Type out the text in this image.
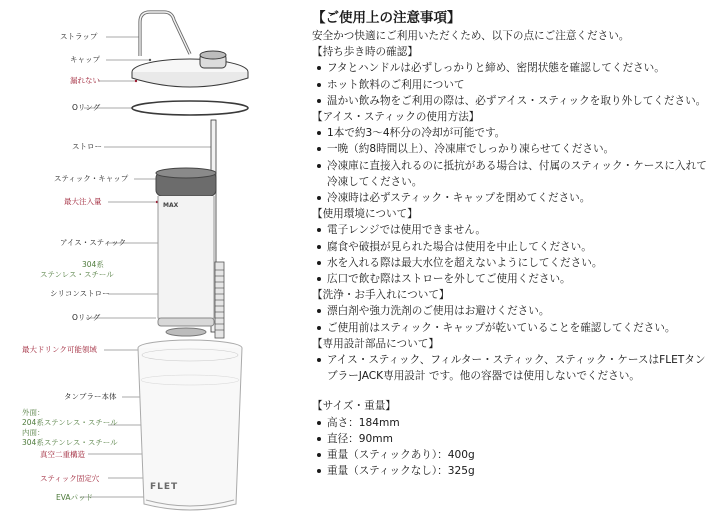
MAX
FLET
ストラップ
キャップ
漏れない
Oリング
ストロー
スティック・キャップ
最大注入量
アイス・スティック
304系
ステンレス・スチール
シリコンストロー
Oリング
最大ドリンク可能領域
タンブラー本体
外面：
204系ステンレス・スチール
内面：
304系ステンレス・スチール
真空二重構造
スティック固定穴
EVAパッド
【ご使用上の注意事項】

安全かつ快適にご利用いただくため、以下の点にご注意ください。

【持ち歩き時の確認】
フタとハンドルは必ずしっかりと締め、密閉状態を確認してください。
ホット飲料のご利用について
温かい飲み物をご利用の際は、必ずアイス・スティックを取り外してください。
【アイス・スティックの使用方法】
1本で約3～4杯分の冷却が可能です。
一晩（約8時間以上）、冷凍庫でしっかり凍らせてください。
冷凍庫に直接入れるのに抵抗がある場合は、付属のスティック・ケースに入れて冷凍してください。
冷凍時は必ずスティック・キャップを閉めてください。
【使用環境について】
電子レンジでは使用できません。
腐食や破損が見られた場合は使用を中止してください。
水を入れる際は最大水位を超えないようにしてください。
広口で飲む際はストローを外してご使用ください。
【洗浄・お手入れについて】
漂白剤や強力洗剤のご使用はお避けください。
ご使用前はスティック・キャップが乾いていることを確認してください。
【専用設計部品について】
アイス・スティック、フィルター・スティック、スティック・ケースはFLETタンブラーJACK専用設計 です。他の容器では使用しないでください。
【サイズ・重量】
高さ：184mm
直径：90mm
重量（スティックあり）：400g
重量（スティックなし）：325g
